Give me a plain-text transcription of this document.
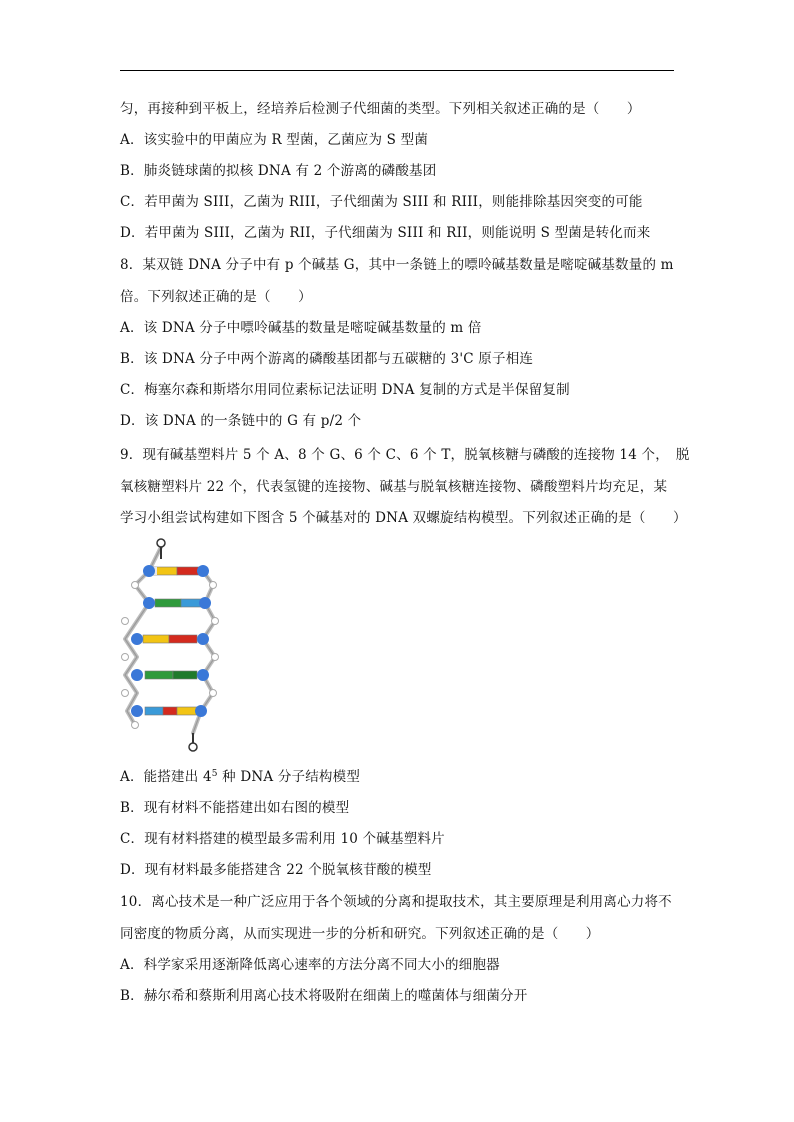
匀，再接种到平板上，经培养后检测子代细菌的类型。下列相关叙述正确的是（　　）
A．该实验中的甲菌应为 R 型菌，乙菌应为 S 型菌
B．肺炎链球菌的拟核 DNA 有 2 个游离的磷酸基团
C．若甲菌为 SIII，乙菌为 RIII，子代细菌为 SIII 和 RIII，则能排除基因突变的可能
D．若甲菌为 SIII，乙菌为 RII，子代细菌为 SIII 和 RII，则能说明 S 型菌是转化而来
8．某双链 DNA 分子中有 p 个碱基 G，其中一条链上的嘌呤碱基数量是嘧啶碱基数量的 m
倍。下列叙述正确的是（　　）
A．该 DNA 分子中嘌呤碱基的数量是嘧啶碱基数量的 m 倍
B．该 DNA 分子中两个游离的磷酸基团都与五碳糖的 3'C 原子相连
C．梅塞尔森和斯塔尔用同位素标记法证明 DNA 复制的方式是半保留复制
D．该 DNA 的一条链中的 G 有 p/2 个
9．现有碱基塑料片 5 个 A、8 个 G、6 个 C、6 个 T，脱氧核糖与磷酸的连接物 14 个，　脱
氧核糖塑料片 22 个，代表氢键的连接物、碱基与脱氧核糖连接物、磷酸塑料片均充足，某
学习小组尝试构建如下图含 5 个碱基对的 DNA 双螺旋结构模型。下列叙述正确的是（　　）
A．能搭建出 $4^5$ 种 DNA 分子结构模型
B．现有材料不能搭建出如右图的模型
C．现有材料搭建的模型最多需利用 10 个碱基塑料片
D．现有材料最多能搭建含 22 个脱氧核苷酸的模型
10．离心技术是一种广泛应用于各个领域的分离和提取技术，其主要原理是利用离心力将不
同密度的物质分离，从而实现进一步的分析和研究。下列叙述正确的是（　　）
A．科学家采用逐渐降低离心速率的方法分离不同大小的细胞器
B．赫尔希和蔡斯利用离心技术将吸附在细菌上的噬菌体与细菌分开
